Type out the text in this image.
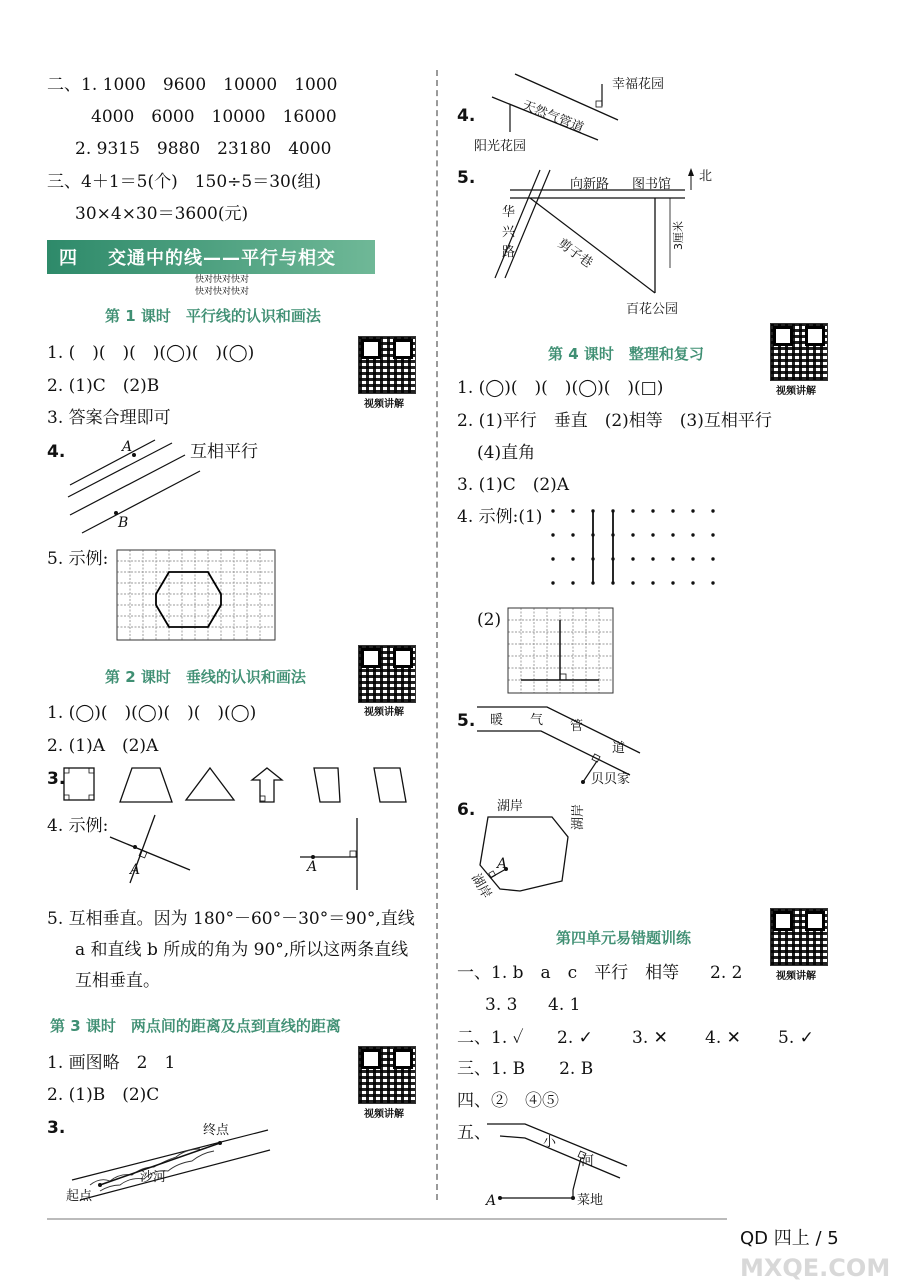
二、1. 1000　9600　10000　1000
4000　6000　10000　16000
2. 9315　9880　23180　4000
三、4＋1＝5(个)　150÷5＝30(组)
30×4×30＝3600(元)
四 交通中的线——平行与相交
快对快对快对
快对快对快对
第 1 课时　平行线的认识和画法
视频讲解
1. (　)(　)(　)(◯)(　)(◯)
2. (1)C　(2)B
3. 答案合理即可
4.	互相平行
A
B
5. 示例:
第 2 课时　垂线的认识和画法
视频讲解
1. (◯)(　)(◯)(　)(　)(◯)
2. (1)A　(2)A
3.
4. 示例:
A	A
5. 互相垂直。因为 180°－60°－30°＝90°,直线
a 和直线 b 所成的角为 90°,所以这两条直线
互相垂直。
第 3 课时　两点间的距离及点到直线的距离
视频讲解
1. 画图略　2　1
2. (1)B　(2)C
3.	终点
沙河
起点
4.
幸福花园
天然气管道
阳光花园
5.	向新路 图书馆
北
华兴路	剪子巷
3厘米
百花公园
第 4 课时　整理和复习
视频讲解
1. (◯)(　)(　)(◯)(　)(□)
2. (1)平行　垂直　(2)相等　(3)互相平行
(4)直角
3. (1)C　(2)A
4. 示例:(1)
(2)
5. 暖 气 管
道
贝贝家
6. 湖岸	湖岸
湖岸
A
第四单元易错题训练
视频讲解
一、1. b　a　c　平行　相等 2. 2
3. 3 4. 1
二、1. ✓ 2. ✓ 3. ✕ 4. ✕ 5. ✓
三、1. B　　2. B
四、②　④⑤
五、	小
河
A	菜地
QD 四上 / 5
MXQE.COM
